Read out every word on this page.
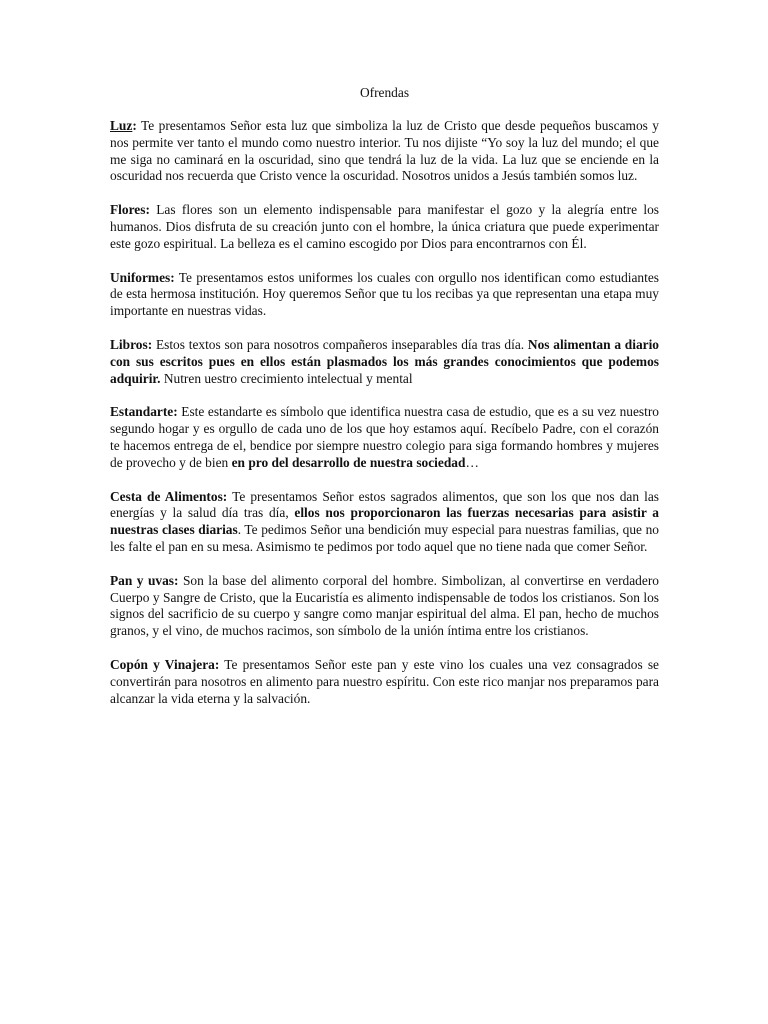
Ofrendas

Luz: Te presentamos Señor esta luz que simboliza la luz de Cristo que desde pequeños buscamos y nos permite ver tanto el mundo como nuestro interior. Tu nos dijiste “Yo soy la luz del mundo; el que me siga no caminará en la oscuridad, sino que tendrá la luz de la vida. La luz que se enciende en la oscuridad nos recuerda que Cristo vence la oscuridad. Nosotros unidos a Jesús también somos luz.

Flores: Las flores son un elemento indispensable para manifestar el gozo y la alegría entre los humanos. Dios disfruta de su creación junto con el hombre, la única criatura que puede experimentar este gozo espiritual. La belleza es el camino escogido por Dios para encontrarnos con Él.

Uniformes: Te presentamos estos uniformes los cuales con orgullo nos identifican como estudiantes de esta hermosa institución. Hoy queremos Señor que tu los recibas ya que representan una etapa muy importante en nuestras vidas.

Libros: Estos textos son para nosotros compañeros inseparables día tras día. Nos alimentan a diario con sus escritos pues en ellos están plasmados los más grandes conocimientos que podemos adquirir. Nutren uestro crecimiento intelectual y mental

Estandarte: Este estandarte es símbolo que identifica nuestra casa de estudio, que es a su vez nuestro segundo hogar y es orgullo de cada uno de los que hoy estamos aquí. Recíbelo Padre, con el corazón te hacemos entrega de el, bendice por siempre nuestro colegio para siga formando hombres y mujeres de provecho y de bien en pro del desarrollo de nuestra sociedad…

Cesta de Alimentos: Te presentamos Señor estos sagrados alimentos, que son los que nos dan las energías y la salud día tras día, ellos nos proporcionaron las fuerzas necesarias para asistir a nuestras clases diarias. Te pedimos Señor una bendición muy especial para nuestras familias, que no les falte el pan en su mesa. Asimismo te pedimos por todo aquel que no tiene nada que comer Señor.

Pan y uvas: Son la base del alimento corporal del hombre. Simbolizan, al convertirse en verdadero Cuerpo y Sangre de Cristo, que la Eucaristía es alimento indispensable de todos los cristianos. Son los signos del sacrificio de su cuerpo y sangre como manjar espiritual del alma. El pan, hecho de muchos granos, y el vino, de muchos racimos, son símbolo de la unión íntima entre los cristianos.

Copón y Vinajera: Te presentamos Señor este pan y este vino los cuales una vez consagrados se convertirán para nosotros en alimento para nuestro espíritu. Con este rico manjar nos preparamos para alcanzar la vida eterna y la salvación.
